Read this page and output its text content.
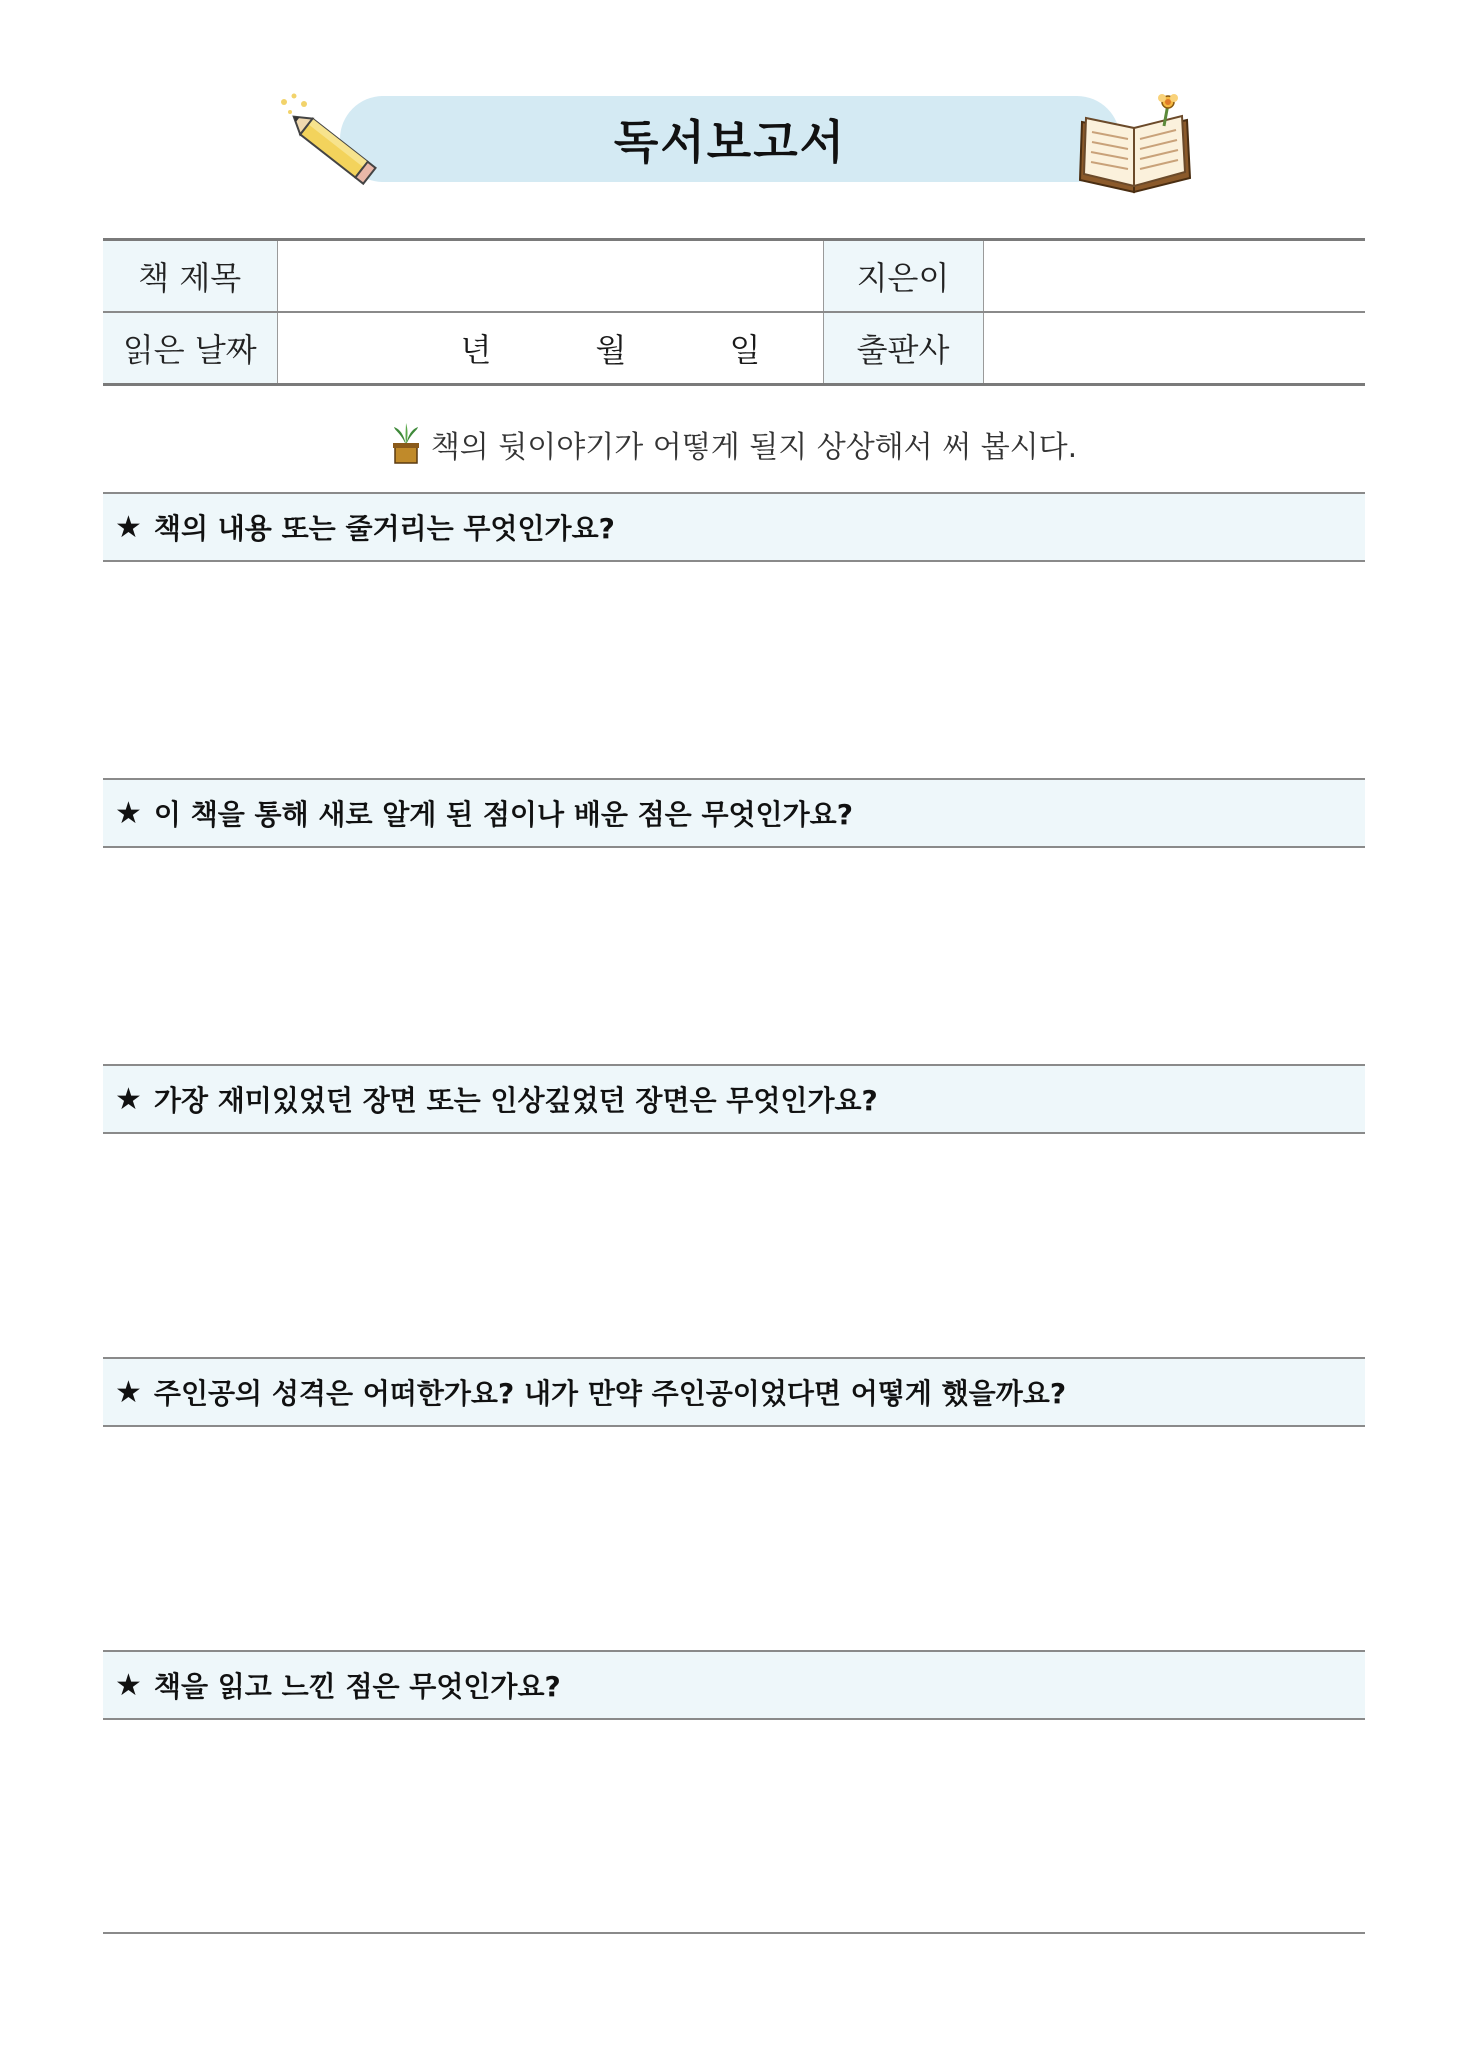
독서보고서
책 제목		지은이	
읽은 날짜	년 월 일	출판사	
책의 뒷이야기가 어떻게 될지 상상해서 써 봅시다.
★ 책의 내용 또는 줄거리는 무엇인가요?
★ 이 책을 통해 새로 알게 된 점이나 배운 점은 무엇인가요?
★ 가장 재미있었던 장면 또는 인상깊었던 장면은 무엇인가요?
★ 주인공의 성격은 어떠한가요? 내가 만약 주인공이었다면 어떻게 했을까요?
★ 책을 읽고 느낀 점은 무엇인가요?
